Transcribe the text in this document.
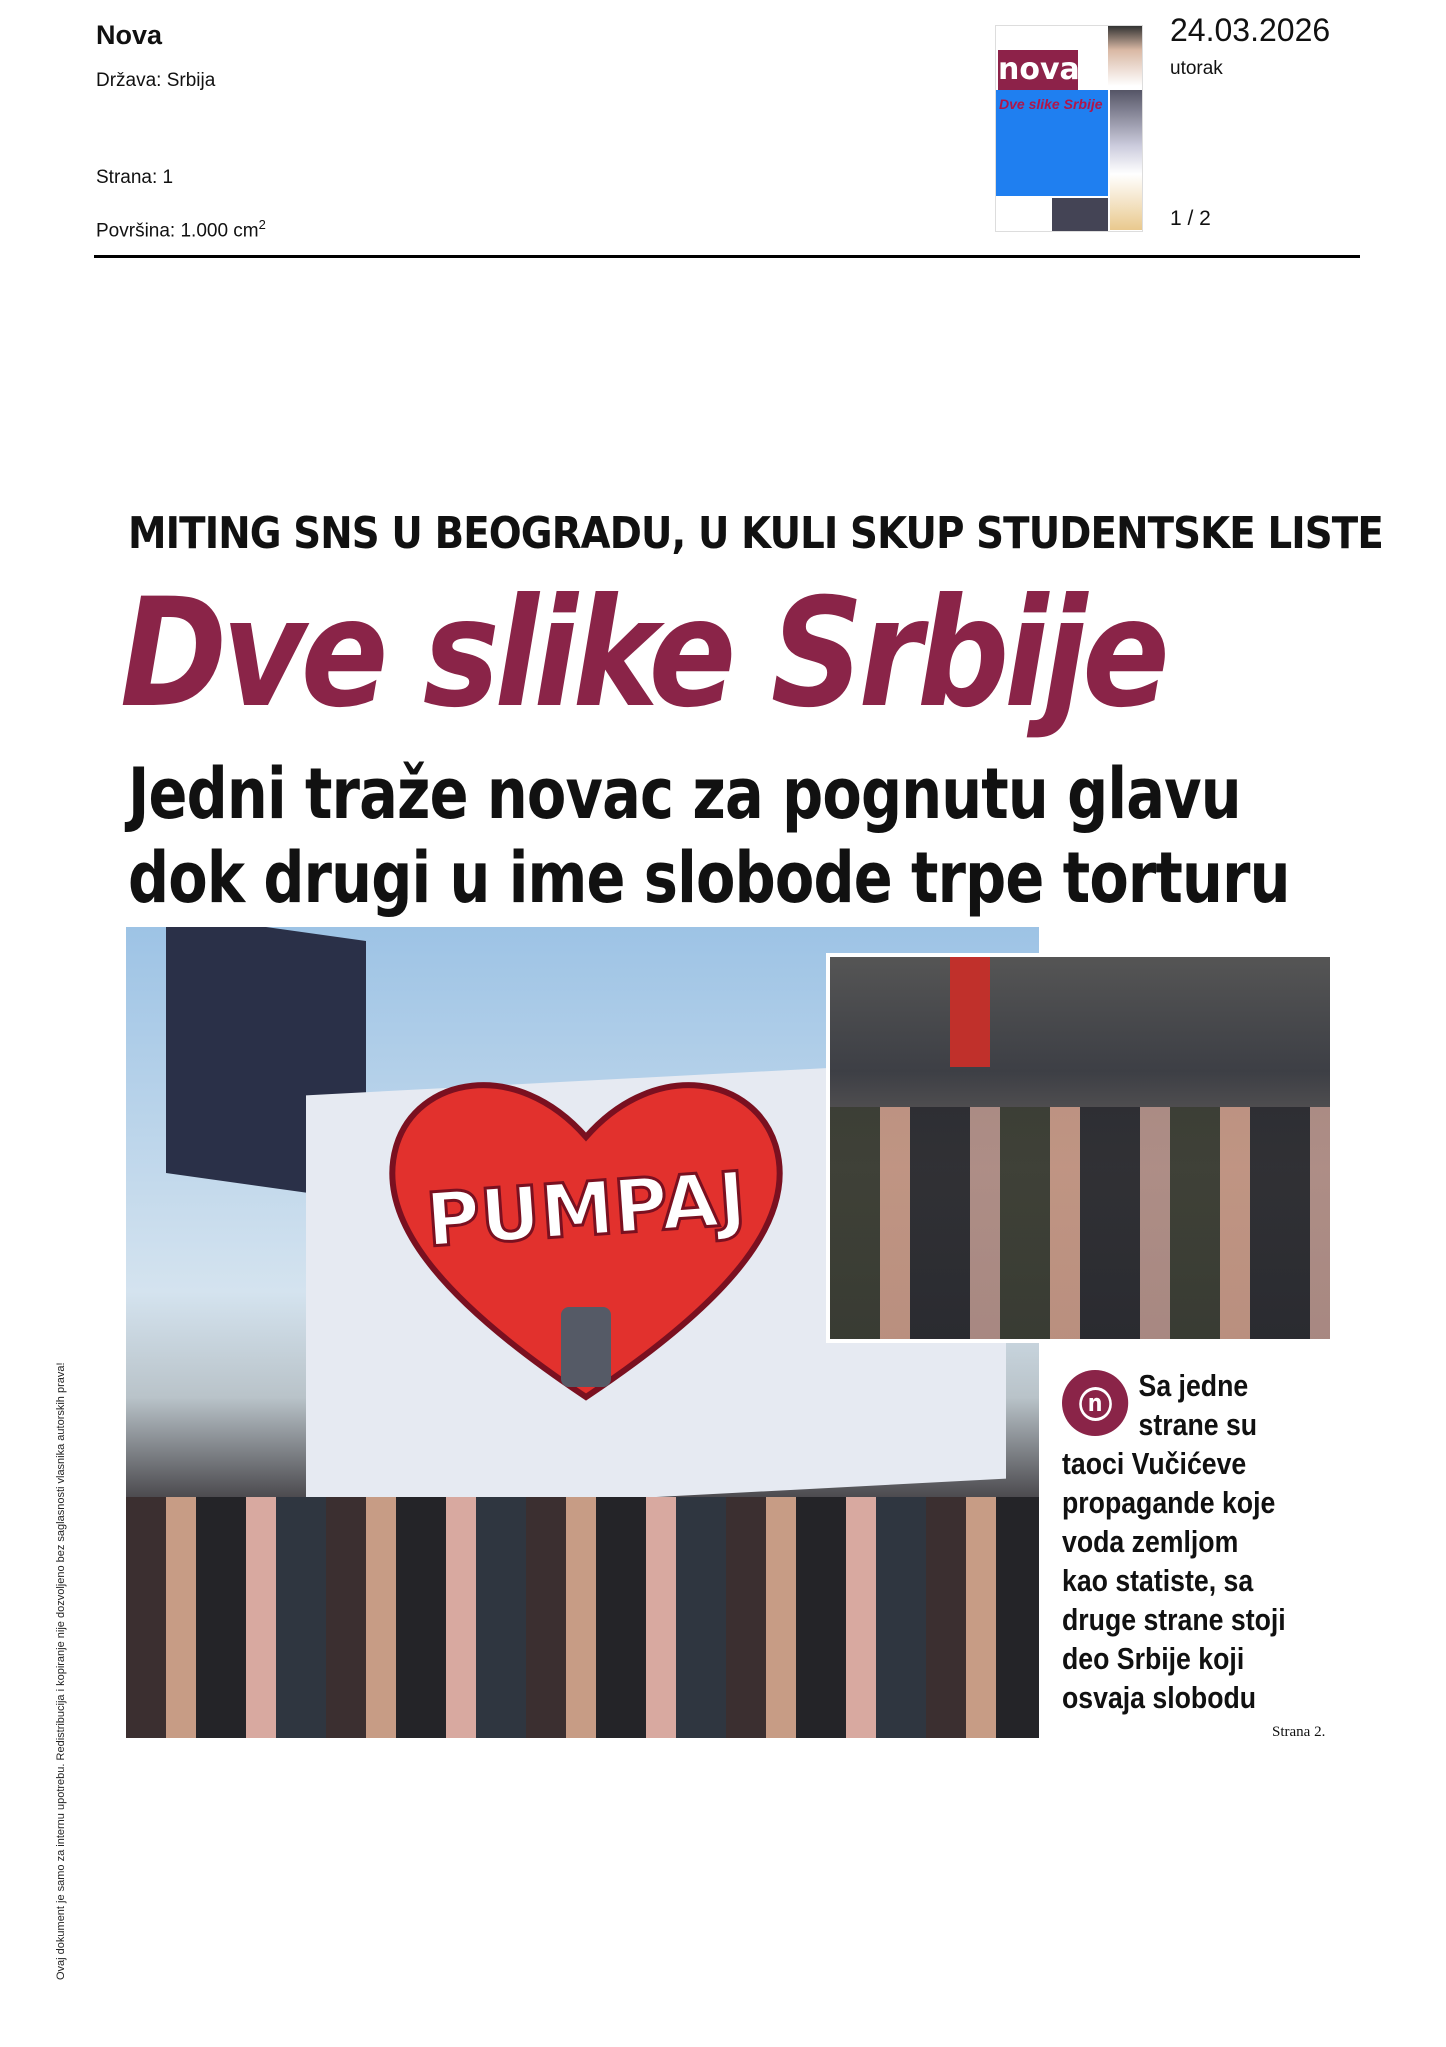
Nova
Država: Srbija
Strana: 1
Površina: 1.000 $cm^2$
nova
Dve slike Srbije
24.03.2026
utorak
1 / 2
MITING SNS U BEOGRADU, U KULI SKUP STUDENTSKE LISTE
Dve slike Srbije
Jedni traže novac za pognutu glavu
dok drugi u ime slobode trpe torturu
PUMPAJ
n	Sa jedne
strane su
taoci Vučićeve
propagande koje
voda zemljom
kao statiste, sa
druge strane stoji
deo Srbije koji
osvaja slobodu
Strana 2.
Ovaj dokument je samo za internu upotrebu. Redistribucija i kopiranje nije dozvoljeno bez saglasnosti vlasnika autorskih prava!
